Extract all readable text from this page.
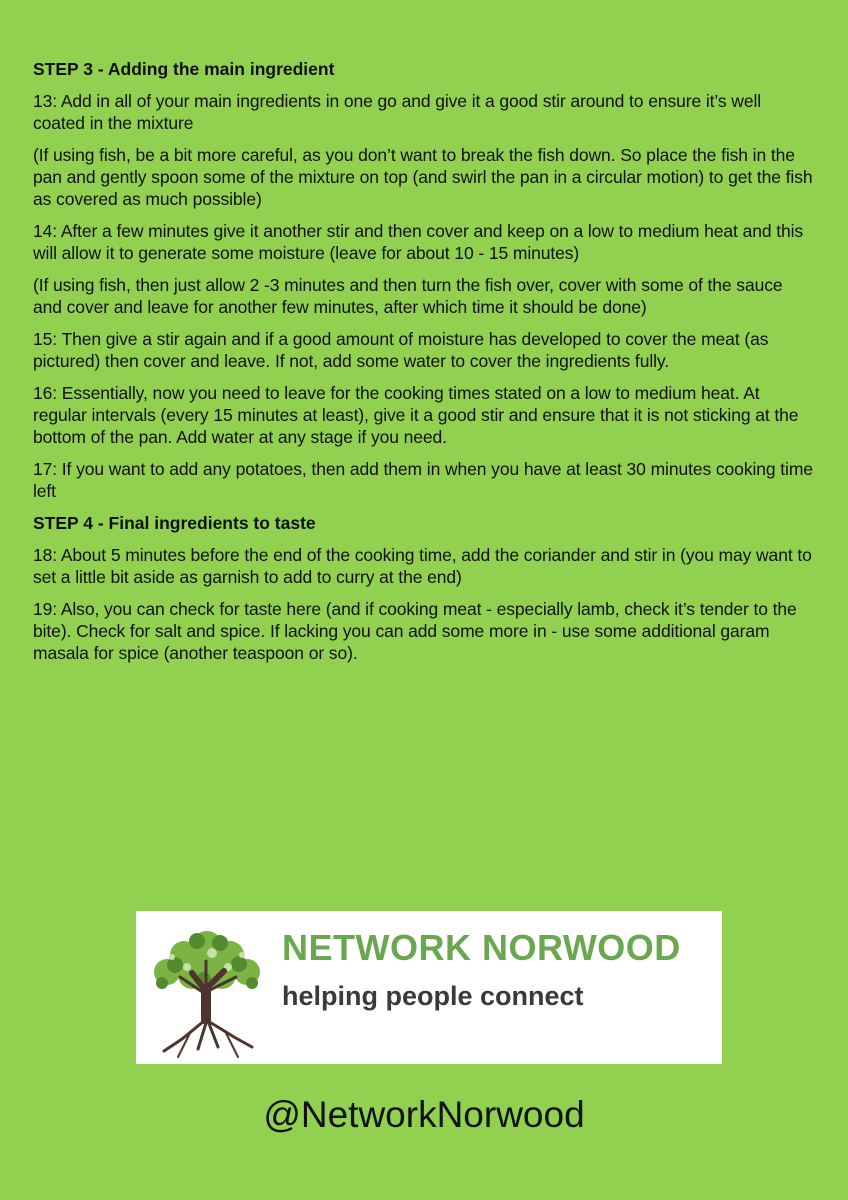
STEP 3 - Adding the main ingredient
13: Add in all of your main ingredients in one go and give it a good stir around to ensure it’s well coated in the mixture
(If using fish, be a bit more careful, as you don’t want to break the fish down. So place the fish in the pan and gently spoon some of the mixture on top (and swirl the pan in a circular motion) to get the fish as covered as much possible)
14: After a few minutes give it another stir and then cover and keep on a low to medium heat and this will allow it to generate some moisture (leave for about 10 - 15 minutes)
(If using fish, then just allow 2 -3 minutes and then turn the fish over, cover with some of the sauce and cover and leave for another few minutes, after which time it should be done)
15: Then give a stir again and if a good amount of moisture has developed to cover the meat (as pictured) then cover and leave. If not, add some water to cover the ingredients fully.
16: Essentially, now you need to leave for the cooking times stated on a low to medium heat. At regular intervals (every 15 minutes at least), give it a good stir and ensure that it is not sticking at the bottom of the pan. Add water at any stage if you need.
17: If you want to add any potatoes, then add them in when you have at least 30 minutes cooking time left
STEP 4 - Final ingredients to taste
18: About 5 minutes before the end of the cooking time, add the coriander and stir in (you may want to set a little bit aside as garnish to add to curry at the end)
19: Also, you can check for taste here (and if cooking meat - especially lamb, check it’s tender to the bite). Check for salt and spice. If lacking you can add some more in - use some additional garam masala for spice (another teaspoon or so).
NETWORK NORWOOD
helping people connect
@NetworkNorwood
